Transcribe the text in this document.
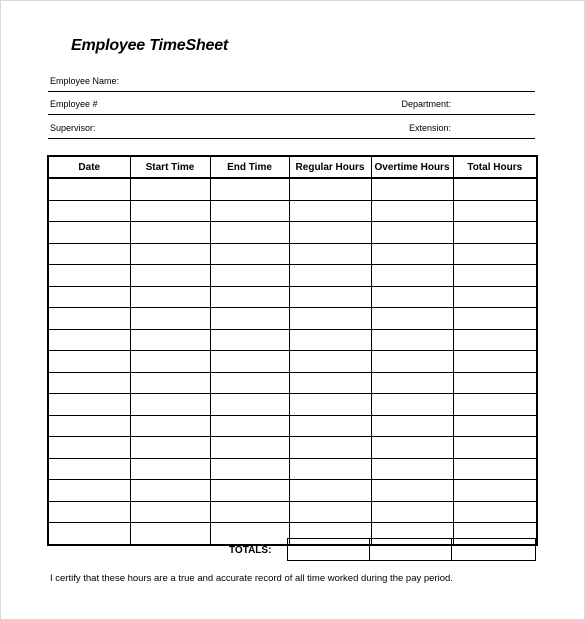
Employee TimeSheet
Employee Name:
Employee #	Department:
Supervisor:	Extension:
Date	Start Time	End Time	Regular Hours	Overtime Hours	Total Hours

TOTALS:

I certify that these hours are a true and accurate record of all time worked during the pay period.
